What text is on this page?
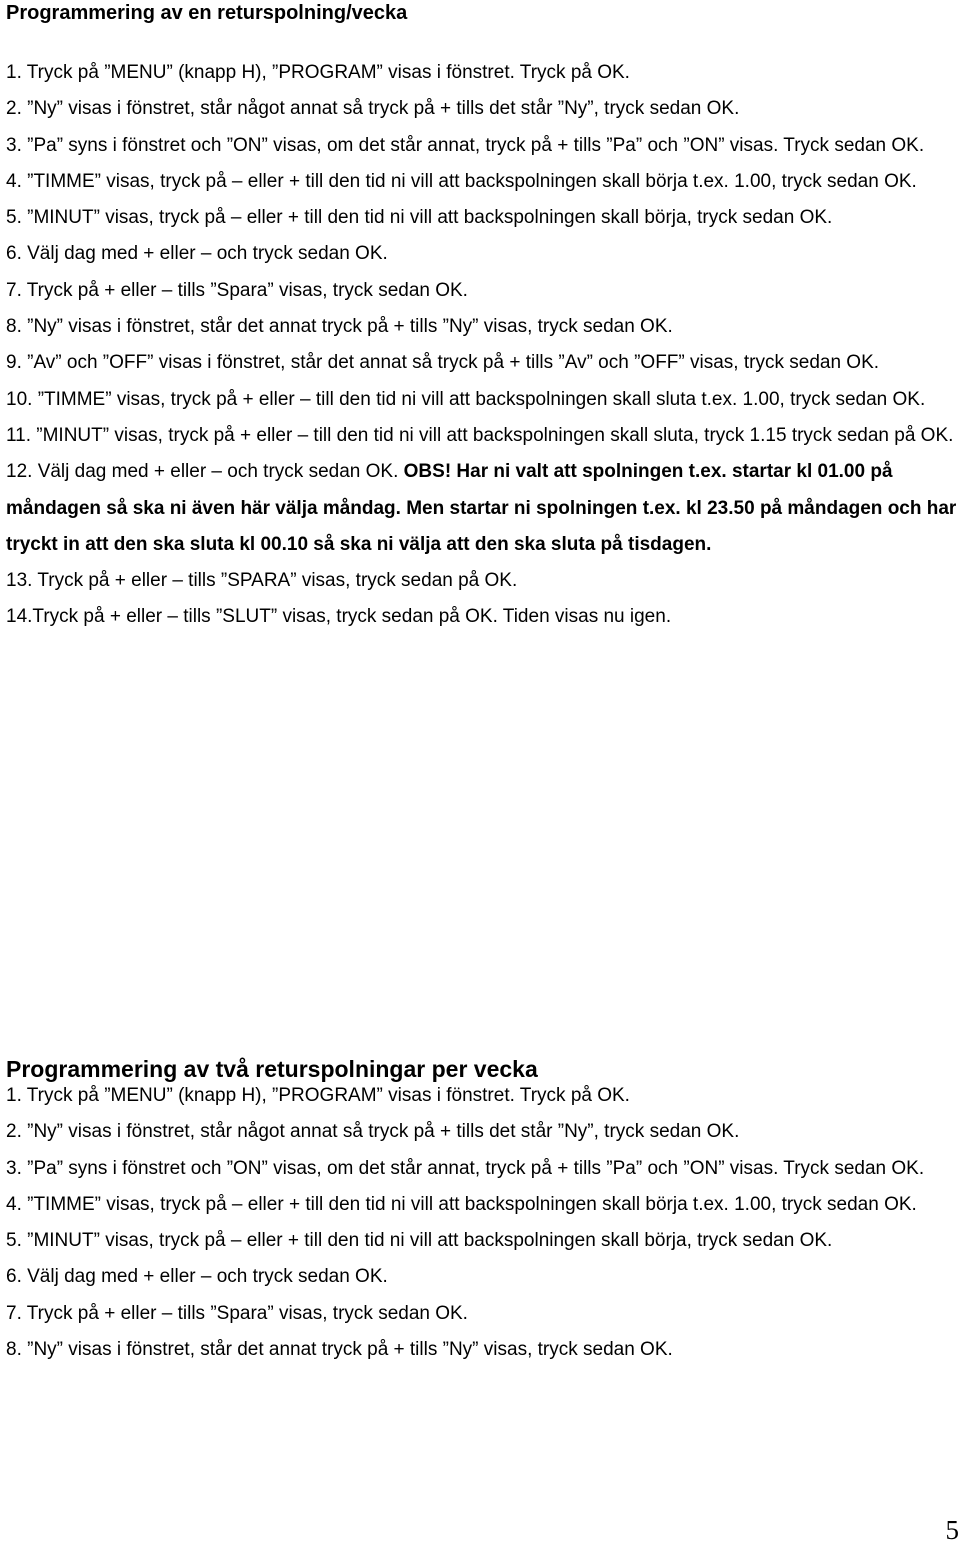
Programmering av en returspolning/vecka
1. Tryck på ”MENU” (knapp H), ”PROGRAM” visas i fönstret. Tryck på OK.
2. ”Ny” visas i fönstret, står något annat så tryck på + tills det står ”Ny”, tryck sedan OK.
3. ”Pa” syns i fönstret och ”ON” visas, om det står annat, tryck på + tills ”Pa” och ”ON” visas. Tryck sedan OK.
4. ”TIMME” visas, tryck på – eller + till den tid ni vill att backspolningen skall börja t.ex. 1.00, tryck sedan OK.
5. ”MINUT” visas, tryck på – eller + till den tid ni vill att backspolningen skall börja, tryck sedan OK.
6. Välj dag med + eller – och tryck sedan OK.
7. Tryck på + eller – tills ”Spara” visas, tryck sedan OK.
8. ”Ny” visas i fönstret, står det annat tryck på + tills ”Ny” visas, tryck sedan OK.
9. ”Av” och ”OFF” visas i fönstret, står det annat så tryck på + tills ”Av” och ”OFF” visas, tryck sedan OK.
10. ”TIMME” visas, tryck på + eller – till den tid ni vill att backspolningen skall sluta t.ex. 1.00, tryck sedan OK.
11. ”MINUT” visas, tryck på + eller – till den tid ni vill att backspolningen skall sluta, tryck 1.15 tryck sedan på OK.
12. Välj dag med + eller – och tryck sedan OK. OBS! Har ni valt att spolningen t.ex. startar kl 01.00 på måndagen så ska ni även här välja måndag. Men startar ni spolningen t.ex. kl 23.50 på måndagen och har tryckt in att den ska sluta kl 00.10 så ska ni välja att den ska sluta på tisdagen.
13. Tryck på + eller – tills ”SPARA” visas, tryck sedan på OK.
14.Tryck på + eller – tills ”SLUT” visas, tryck sedan på OK. Tiden visas nu igen.
Programmering av två returspolningar per vecka
1. Tryck på ”MENU” (knapp H), ”PROGRAM” visas i fönstret. Tryck på OK.
2. ”Ny” visas i fönstret, står något annat så tryck på + tills det står ”Ny”, tryck sedan OK.
3. ”Pa” syns i fönstret och ”ON” visas, om det står annat, tryck på + tills ”Pa” och ”ON” visas. Tryck sedan OK.
4. ”TIMME” visas, tryck på – eller + till den tid ni vill att backspolningen skall börja t.ex. 1.00, tryck sedan OK.
5. ”MINUT” visas, tryck på – eller + till den tid ni vill att backspolningen skall börja, tryck sedan OK.
6. Välj dag med + eller – och tryck sedan OK.
7. Tryck på + eller – tills ”Spara” visas, tryck sedan OK.
8. ”Ny” visas i fönstret, står det annat tryck på + tills ”Ny” visas, tryck sedan OK.
5
